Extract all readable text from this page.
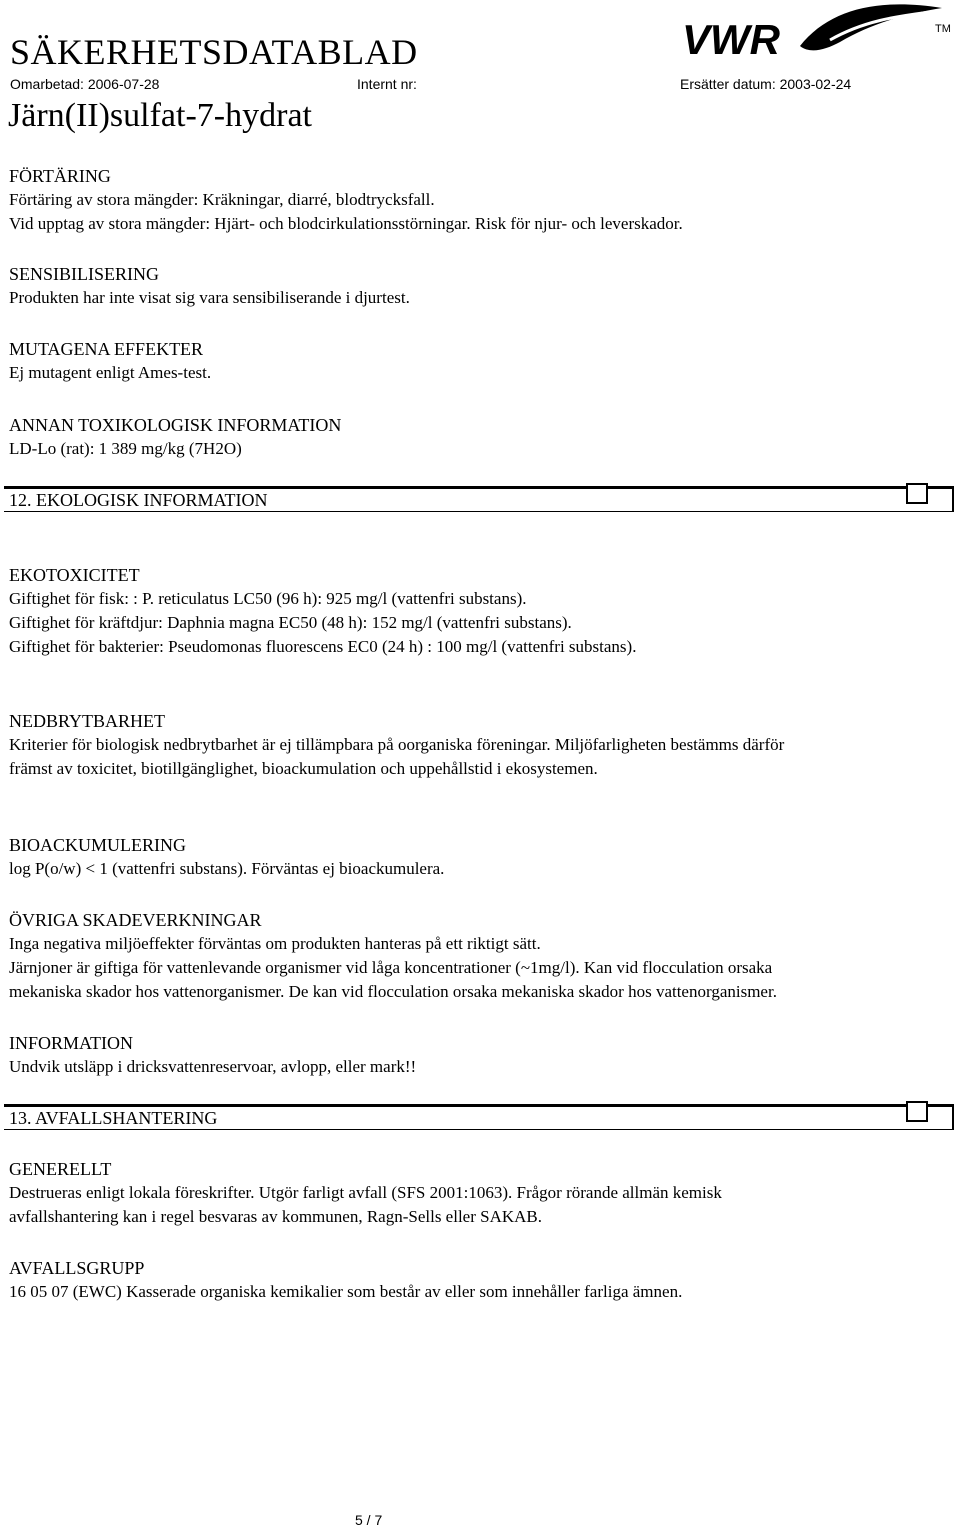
SÄKERHETSDATABLAD
Omarbetad: 2006-07-28	Internt nr:	Ersätter datum: 2003-02-24
VWR	TM
Järn(II)sulfat-7-hydrat
FÖRTÄRING
Förtäring av stora mängder: Kräkningar, diarré, blodtrycksfall.
Vid upptag av stora mängder: Hjärt- och blodcirkulationsstörningar. Risk för njur- och leverskador.
SENSIBILISERING
Produkten har inte visat sig vara sensibiliserande i djurtest.
MUTAGENA EFFEKTER
Ej mutagent enligt Ames-test.
ANNAN TOXIKOLOGISK INFORMATION
LD-Lo (rat): 1 389 mg/kg (7H2O)
12. EKOLOGISK INFORMATION
EKOTOXICITET
Giftighet för fisk: : P. reticulatus LC50 (96 h): 925 mg/l (vattenfri substans).
Giftighet för kräftdjur: Daphnia magna EC50 (48 h): 152 mg/l (vattenfri substans).
Giftighet för bakterier: Pseudomonas fluorescens EC0 (24 h) : 100 mg/l (vattenfri substans).
NEDBRYTBARHET
Kriterier för biologisk nedbrytbarhet är ej tillämpbara på oorganiska föreningar. Miljöfarligheten bestämms därför
främst av toxicitet, biotillgänglighet, bioackumulation och uppehållstid i ekosystemen.
BIOACKUMULERING
log P(o/w) < 1 (vattenfri substans). Förväntas ej bioackumulera.
ÖVRIGA SKADEVERKNINGAR
Inga negativa miljöeffekter förväntas om produkten hanteras på ett riktigt sätt.
Järnjoner är giftiga för vattenlevande organismer vid låga koncentrationer (~1mg/l). Kan vid flocculation orsaka
mekaniska skador hos vattenorganismer. De kan vid flocculation orsaka mekaniska skador hos vattenorganismer.
INFORMATION
Undvik utsläpp i dricksvattenreservoar, avlopp, eller mark!!
13. AVFALLSHANTERING
GENERELLT
Destrueras enligt lokala föreskrifter. Utgör farligt avfall (SFS 2001:1063). Frågor rörande allmän kemisk
avfallshantering kan i regel besvaras av kommunen, Ragn-Sells eller SAKAB.
AVFALLSGRUPP
16 05 07 (EWC) Kasserade organiska kemikalier som består av eller som innehåller farliga ämnen.
5 / 7
